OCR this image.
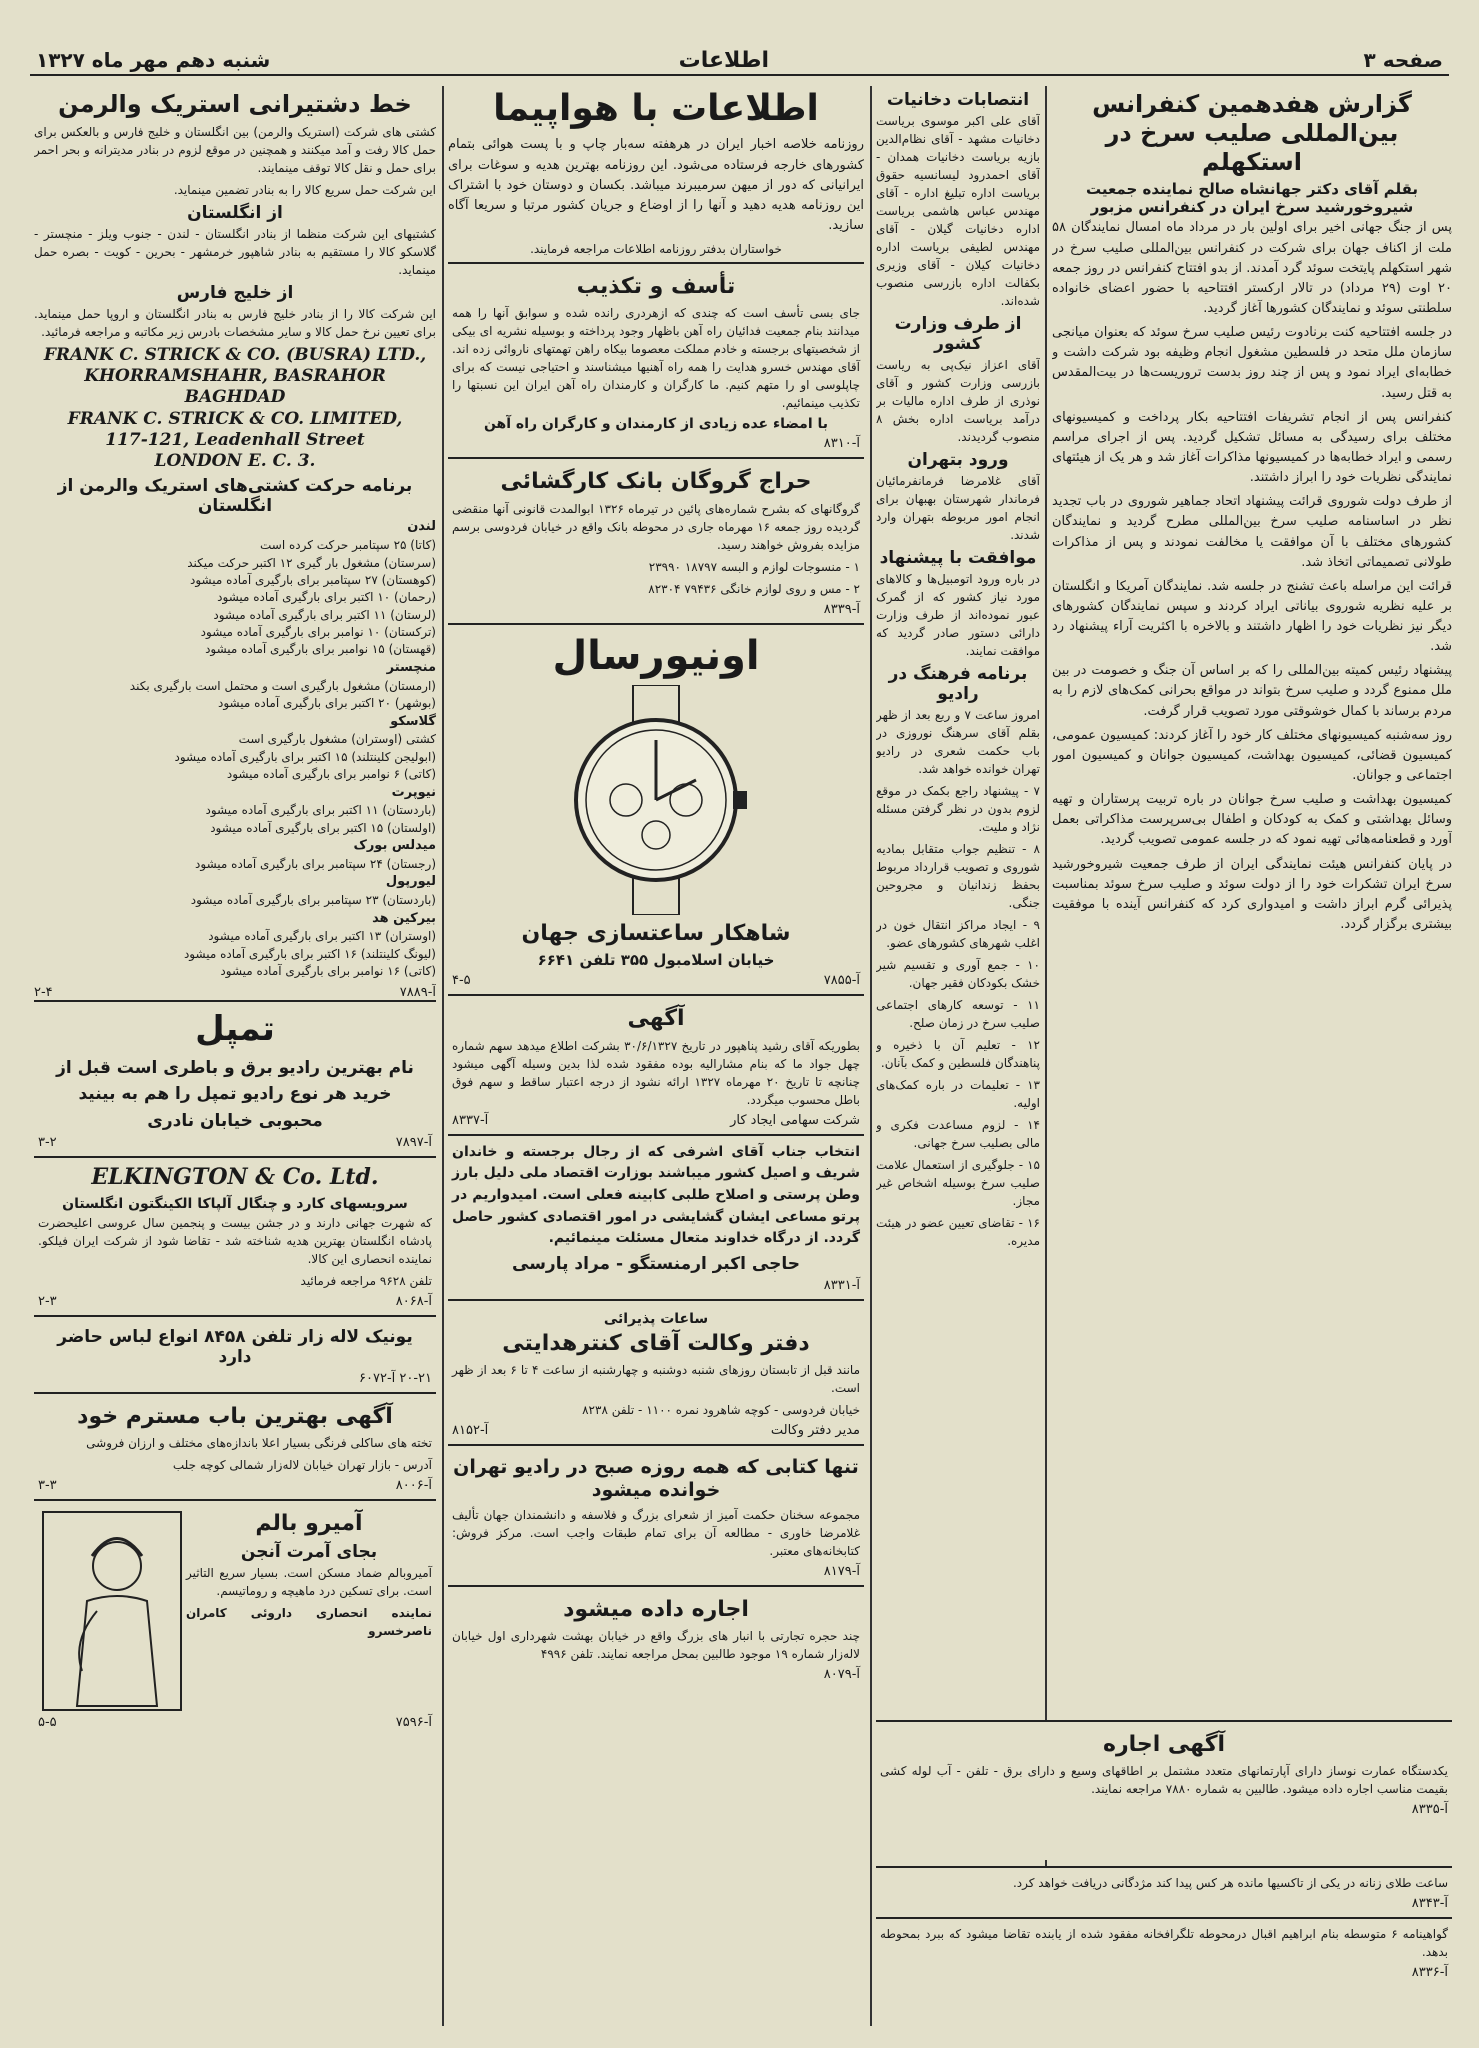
صفحه ۳
اطلاعات
شنبه دهم مهر ماه ۱۳۲۷
گزارش هفدهمین کنفرانس بین‌المللی صلیب سرخ در استکهلم
بقلم آقای دکتر جهانشاه صالح نماینده جمعیت شیروخورشید سرخ ایران در کنفرانس مزبور

پس از جنگ جهانی اخیر برای اولین بار در مرداد ماه امسال نمایندگان ۵۸ ملت از اکناف جهان برای شرکت در کنفرانس بین‌المللی صلیب سرخ در شهر استکهلم پایتخت سوئد گرد آمدند. از بدو افتتاح کنفرانس در روز جمعه ۲۰ اوت (۲۹ مرداد) در تالار ارکستر افتتاحیه با حضور اعضای خانواده سلطنتی سوئد و نمایندگان کشورها آغاز گردید.

در جلسه افتتاحیه کنت برنادوت رئیس صلیب سرخ سوئد که بعنوان میانجی سازمان ملل متحد در فلسطین مشغول انجام وظیفه بود شرکت داشت و خطابه‌ای ایراد نمود و پس از چند روز بدست تروریست‌ها در بیت‌المقدس به قتل رسید.

کنفرانس پس از انجام تشریفات افتتاحیه بکار پرداخت و کمیسیونهای مختلف برای رسیدگی به مسائل تشکیل گردید. پس از اجرای مراسم رسمی و ایراد خطابه‌ها در کمیسیونها مذاکرات آغاز شد و هر یک از هیئتهای نمایندگی نظریات خود را ابراز داشتند.

از طرف دولت شوروی قرائت پیشنهاد اتحاد جماهیر شوروی در باب تجدید نظر در اساسنامه صلیب سرخ بین‌المللی مطرح گردید و نمایندگان کشورهای مختلف با آن موافقت یا مخالفت نمودند و پس از مذاکرات طولانی تصمیماتی اتخاذ شد.

قرائت این مراسله باعث تشنج در جلسه شد. نمایندگان آمریکا و انگلستان بر علیه نظریه شوروی بیاناتی ایراد کردند و سپس نمایندگان کشورهای دیگر نیز نظریات خود را اظهار داشتند و بالاخره با اکثریت آراء پیشنهاد رد شد.

پیشنهاد رئیس کمیته بین‌المللی را که بر اساس آن جنگ و خصومت در بین ملل ممنوع گردد و صلیب سرخ بتواند در مواقع بحرانی کمک‌های لازم را به مردم برساند با کمال خوشوقتی مورد تصویب قرار گرفت.

روز سه‌شنبه کمیسیونهای مختلف کار خود را آغاز کردند: کمیسیون عمومی، کمیسیون قضائی، کمیسیون بهداشت، کمیسیون جوانان و کمیسیون امور اجتماعی و جوانان.

کمیسیون بهداشت و صلیب سرخ جوانان در باره تربیت پرستاران و تهیه وسائل بهداشتی و کمک به کودکان و اطفال بی‌سرپرست مذاکراتی بعمل آورد و قطعنامه‌هائی تهیه نمود که در جلسه عمومی تصویب گردید.

در پایان کنفرانس هیئت نمایندگی ایران از طرف جمعیت شیروخورشید سرخ ایران تشکرات خود را از دولت سوئد و صلیب سرخ سوئد بمناسبت پذیرائی گرم ابراز داشت و امیدواری کرد که کنفرانس آینده با موفقیت بیشتری برگزار گردد.

انتصابات دخانیات

آقای علی اکبر موسوی بریاست دخانیات مشهد - آقای نظام‌الدین بازیه بریاست دخانیات همدان - آقای احمدرود لیسانسیه حقوق بریاست اداره تبلیغ اداره - آقای مهندس عباس هاشمی بریاست اداره دخانیات گیلان - آقای مهندس لطیفی بریاست اداره دخانیات کیلان - آقای وزیری بکفالت اداره بازرسی منصوب شده‌اند.

از طرف وزارت کشور

آقای اعزاز نیک‌پی به ریاست بازرسی وزارت کشور و آقای نوذری از طرف اداره مالیات بر درآمد بریاست اداره بخش ۸ منصوب گردیدند.

ورود بتهران

آقای غلامرضا فرمانفرمائیان فرماندار شهرستان بهبهان برای انجام امور مربوطه بتهران وارد شدند.

موافقت با پیشنهاد

در باره ورود اتومبیل‌ها و کالاهای مورد نیاز کشور که از گمرک عبور نموده‌اند از طرف وزارت دارائی دستور صادر گردید که موافقت نمایند.

برنامه فرهنگ در رادیو

امروز ساعت ۷ و ربع بعد از ظهر بقلم آقای سرهنگ نوروزی در باب حکمت شعری در رادیو تهران خوانده خواهد شد.

۷ - پیشنهاد راجع بکمک در موقع لزوم بدون در نظر گرفتن مسئله نژاد و ملیت.

۸ - تنظیم جواب متقابل بمادیه شوروی و تصویب قرارداد مربوط بحفظ زندانیان و مجروحین جنگی.

۹ - ایجاد مراکز انتقال خون در اغلب شهرهای کشورهای عضو.

۱۰ - جمع آوری و تقسیم شیر خشک بکودکان فقیر جهان.

۱۱ - توسعه کارهای اجتماعی صلیب سرخ در زمان صلح.

۱۲ - تعلیم آن با ذخیره و پناهندگان فلسطین و کمک بآنان.

۱۳ - تعلیمات در باره کمک‌های اولیه.

۱۴ - لزوم مساعدت فکری و مالی بصلیب سرخ جهانی.

۱۵ - جلوگیری از استعمال علامت صلیب سرخ بوسیله اشخاص غیر مجاز.

۱۶ - تقاضای تعیین عضو در هیئت مدیره.

آگهی اجاره

یکدستگاه عمارت نوساز دارای آپارتمانهای متعدد مشتمل بر اطاقهای وسیع و دارای برق - تلفن - آب لوله کشی بقیمت مناسب اجاره داده میشود. طالبین به شماره ۷۸۸۰ مراجعه نمایند.

آ-۸۳۳۵

ساعت طلای زنانه در یکی از تاکسیها مانده هر کس پیدا کند مژدگانی دریافت خواهد کرد.

آ-۸۳۴۳

گواهینامه ۶ متوسطه بنام ابراهیم اقبال درمحوطه تلگرافخانه مفقود شده از یابنده تقاضا میشود که ببرد بمحوطه بدهد.

آ-۸۳۳۶
اطلاعات با هواپیما

روزنامه خلاصه اخبار ایران در هرهفته سه‌بار چاپ و با پست هوائی بتمام کشورهای خارجه فرستاده می‌شود. این روزنامه بهترین هدیه و سوغات برای ایرانیانی که دور از میهن سرمیبرند میباشد. بکسان و دوستان خود با اشتراک این روزنامه هدیه دهید و آنها را از اوضاع و جریان کشور مرتبا و سریعا آگاه سازید.

خواستاران بدفتر روزنامه اطلاعات مراجعه فرمایند.

تأسف و تکذیب

جای بسی تأسف است که چندی که ازهردری رانده شده و سوابق آنها را همه میدانند بنام جمعیت فدائیان راه آهن باظهار وجود پرداخته و بوسیله نشریه ای بیکی از شخصیتهای برجسته و خادم مملکت معصوما بیکاه راهن تهمتهای ناروائی زده اند. آقای مهندس خسرو هدایت را همه راه آهنیها میشناسند و احتیاجی نیست که برای چاپلوسی او را متهم کنیم. ما کارگران و کارمندان راه آهن ایران این نسبتها را تکذیب مینمائیم.

با امضاء عده زیادی از کارمندان و کارگران راه آهن
آ-۸۳۱۰
حراج گروگان بانک کارگشائی

گروگانهای که بشرح شماره‌های پائین در تیرماه ۱۳۲۶ ابوالمدت قانونی آنها منقضی گردیده روز جمعه ۱۶ مهرماه جاری در محوطه بانک واقع در خیابان فردوسی برسم مزایده بفروش خواهند رسید.

۱ - منسوجات لوازم و البسه ۱۸۷۹۷ ۲۳۹۹۰

۲ - مس و روی لوازم خانگی ۷۹۴۳۶ ۸۲۳۰۴

آ-۸۳۳۹
اونیورسال
شاهکار ساعتسازی جهان
خیابان اسلامبول ۳۵۵ تلفن ۶۶۴۱
آ-۷۸۵۵
۴-۵
آگهی

بطوریکه آقای رشید پناهپور در تاریخ ۳۰/۶/۱۳۲۷ بشرکت اطلاع میدهد سهم شماره چهل جواد ما که بنام مشارالیه بوده مفقود شده لذا بدین وسیله آگهی میشود چنانچه تا تاریخ ۲۰ مهرماه ۱۳۲۷ ارائه نشود از درجه اعتبار ساقط و سهم فوق باطل محسوب میگردد.

شرکت سهامی ایجاد کار
آ-۸۳۳۷

انتخاب جناب آقای اشرفی که از رجال برجسته و خاندان شریف و اصیل کشور میباشند بوزارت اقتصاد ملی دلیل بارز وطن پرستی و اصلاح طلبی کابینه فعلی است. امیدواریم در پرتو مساعی ایشان گشایشی در امور اقتصادی کشور حاصل گردد. از درگاه خداوند متعال مسئلت مینمائیم.

حاجی اکبر ارمنستگو - مراد پارسی
آ-۸۳۳۱
ساعات پذیرائی
دفتر وکالت آقای کنترهدایتی

مانند قبل از تابستان روزهای شنبه دوشنبه و چهارشنبه از ساعت ۴ تا ۶ بعد از ظهر است.

خیابان فردوسی - کوچه شاهرود نمره ۱۱۰۰ - تلفن ۸۲۳۸

مدیر دفتر وکالت
آ-۸۱۵۲
تنها کتابی که همه روزه صبح در رادیو تهران خوانده میشود

مجموعه سخنان حکمت آمیز از شعرای بزرگ و فلاسفه و دانشمندان جهان تألیف غلامرضا خاوری - مطالعه آن برای تمام طبقات واجب است. مرکز فروش: کتابخانه‌های معتبر.

آ-۸۱۷۹
اجاره داده میشود

چند حجره تجارتی با انبار های بزرگ واقع در خیابان بهشت شهرداری اول خیابان لاله‌زار شماره ۱۹ موجود طالبین بمحل مراجعه نمایند. تلفن ۴۹۹۶

آ-۸۰۷۹
خط دشتیرانی استریک والرمن

کشتی های شرکت (استریک والرمن) بین انگلستان و خلیج فارس و بالعکس برای حمل کالا رفت و آمد میکنند و همچنین در موقع لزوم در بنادر مدیترانه و بحر احمر برای حمل و نقل کالا توقف مینمایند.

این شرکت حمل سریع کالا را به بنادر تضمین مینماید.

از انگلستان

کشتیهای این شرکت منظما از بنادر انگلستان - لندن - جنوب ویلز - منچستر - گلاسکو کالا را مستقیم به بنادر شاهپور خرمشهر - بحرین - کویت - بصره حمل مینماید.

از خلیج فارس

این شرکت کالا را از بنادر خلیج فارس به بنادر انگلستان و اروپا حمل مینماید. برای تعیین نرخ حمل کالا و سایر مشخصات بادرس زیر مکاتبه و مراجعه فرمائید.

FRANK C. STRICK & CO. (BUSRA) LTD.,
KHORRAMSHAHR, BASRAHOR BAGHDAD
FRANK C. STRICK & CO. LIMITED,
117-121, Leadenhall Street
LONDON E. C. 3.
برنامه حرکت کشتی‌های استریک والرمن از انگلستان
لندن
(کاتا) ۲۵ سپتامبر حرکت کرده است
(سرستان) مشغول بار گیری ۱۲ اکتبر حرکت میکند
(کوهستان) ۲۷ سپتامبر برای بارگیری آماده میشود
(رحمان) ۱۰ اکتبر برای بارگیری آماده میشود
(لرستان) ۱۱ اکتبر برای بارگیری آماده میشود
(ترکستان) ۱۰ نوامبر برای بارگیری آماده میشود
(قهستان) ۱۵ نوامبر برای بارگیری آماده میشود
منچستر
(ارمستان) مشغول بارگیری است و محتمل است بارگیری بکند
(بوشهر) ۲۰ اکتبر برای بارگیری آماده میشود
گلاسکو
کشتی (اوستران) مشغول بارگیری است
(ابولیجن کلینتلند) ۱۵ اکتبر برای بارگیری آماده میشود
(کاتی) ۶ نوامبر برای بارگیری آماده میشود
نیوپرت
(باردستان) ۱۱ اکتبر برای بارگیری آماده میشود
(اولستان) ۱۵ اکتبر برای بارگیری آماده میشود
میدلس بورک
(رجستان) ۲۴ سپتامبر برای بارگیری آماده میشود
لیورپول
(باردستان) ۲۳ سپتامبر برای بارگیری آماده میشود
بیرکین هد
(اوستران) ۱۳ اکتبر برای بارگیری آماده میشود
(لیونگ کلینتلند) ۱۶ اکتبر برای بارگیری آماده میشود
(کاتی) ۱۶ نوامبر برای بارگیری آماده میشود
آ-۷۸۸۹
۲-۴
تمپل

نام بهترین رادیو برق و باطری است قبل از خرید هر نوع رادیو تمپل را هم به بینید

محبوبی خیابان نادری
آ-۷۸۹۷
۳-۲
ELKINGTON & Co. Ltd.
سرویسهای کارد و چنگال آلپاکا الکینگتون انگلستان

که شهرت جهانی دارند و در جشن بیست و پنجمین سال عروسی اعلیحضرت پادشاه انگلستان بهترین هدیه شناخته شد - تقاضا شود از شرکت ایران فیلکو. نماینده انحصاری این کالا.

تلفن ۹۶۲۸ مراجعه فرمائید

آ-۸۰۶۸
۲-۳
یونیک لاله زار تلفن ۸۴۵۸ انواع لباس حاضر دارد
۲۰-۲۱ آ-۶۰۷۲
آگهی بهترین باب مسترم خود

تخته های ساکلی فرنگی بسیار اعلا باندازه‌های مختلف و ارزان فروشی

آدرس - بازار تهران خیابان لاله‌زار شمالی کوچه جلب

آ-۸۰۰۶
۳-۳
آمیرو بالم
بجای آمرت آنجن

آمیروبالم ضماد مسکن است. بسیار سریع التاثیر است. برای تسکین درد ماهیچه و روماتیسم.

نماینده انحصاری داروئی کامران ناصرخسرو

آ-۷۵۹۶
۵-۵
